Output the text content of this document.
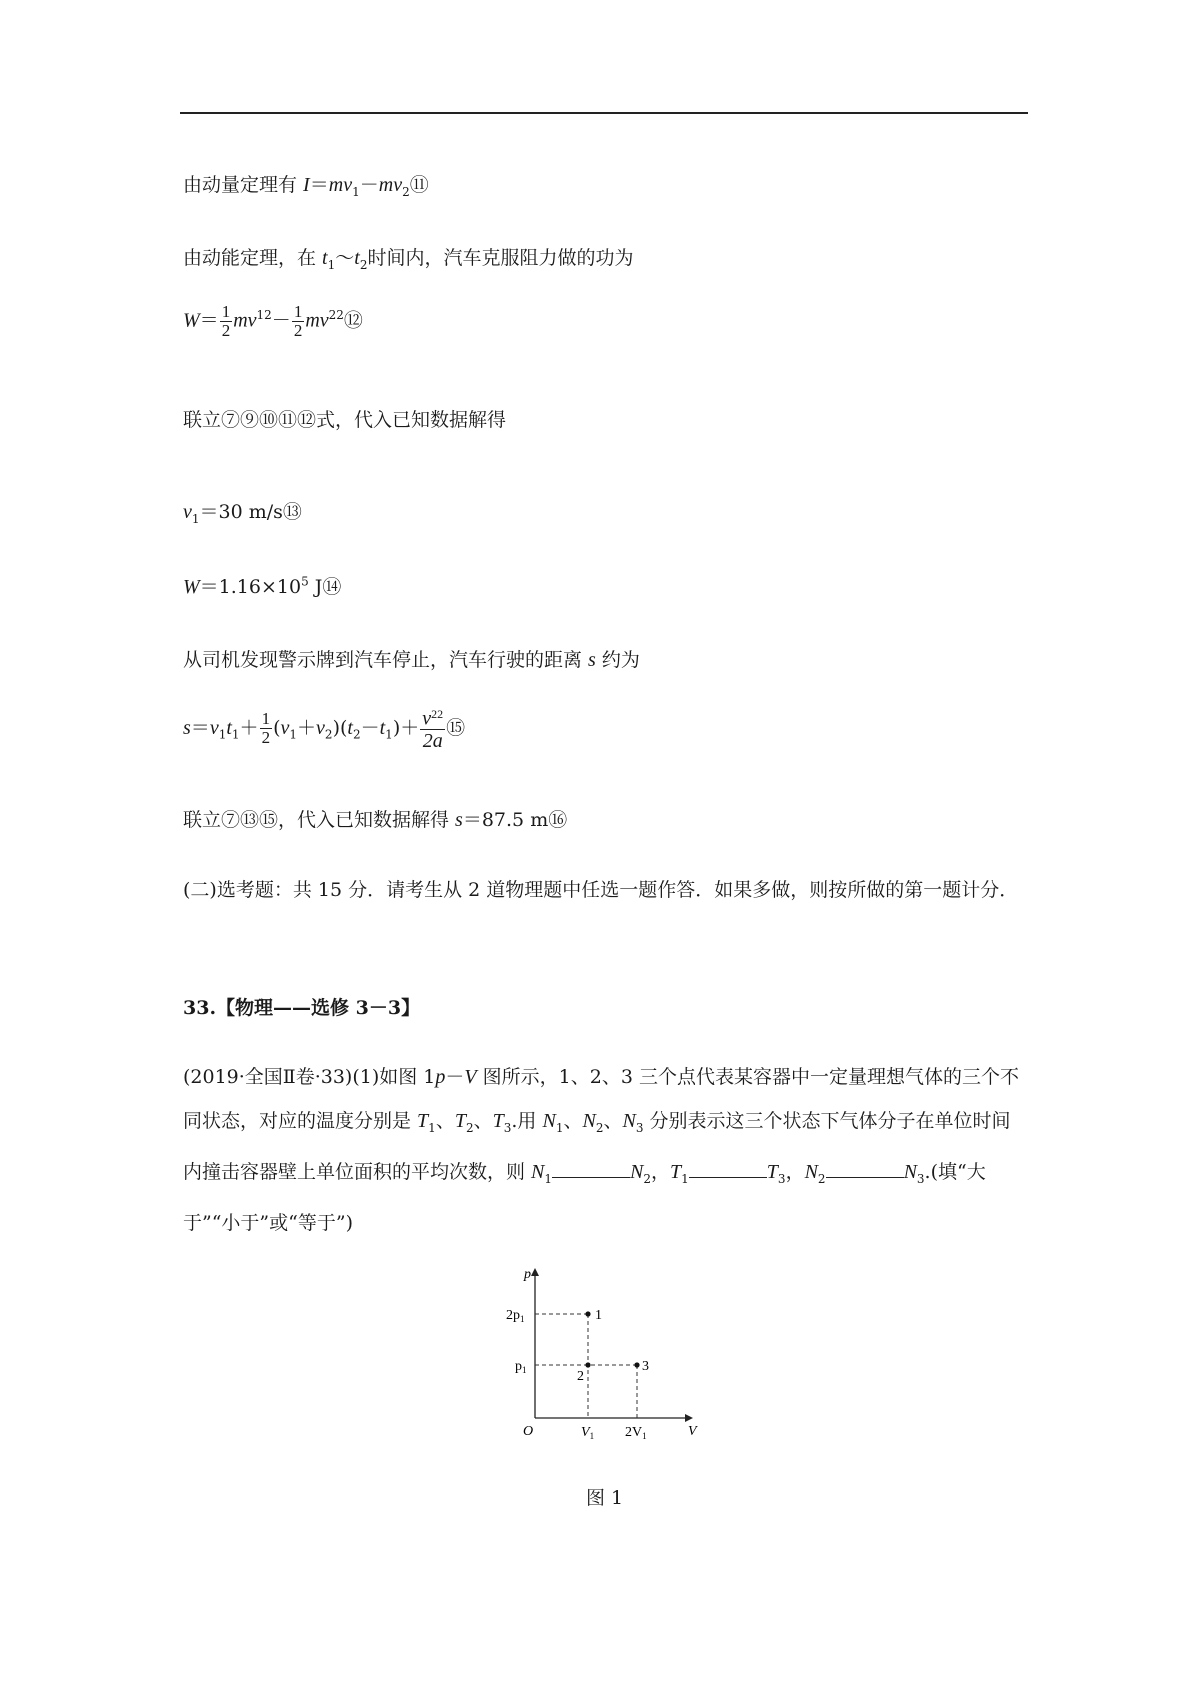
由动量定理有 $I=mv_1-mv_2⑪$
由动能定理，在 $t_1\sim t_2$时间内，汽车克服阻力做的功为
$W= \frac{1}{2} mv^{12}- \frac{1}{2}$ $mv^{22}⑫$
联立⑦⑨⑩⑪⑫式，代入已知数据解得
$v_1=30$ m/s⑬
$W=1.16\times 10^5$ J⑭
从司机发现警示牌到汽车停止，汽车行驶的距离 s 约为
$s=v_1t_1+ \frac{1}{2} (v_1+v_2)(t_2-t_1)+$ $\frac{v^{22}}{2a}⑮$
联立⑦⑬⑮，代入已知数据解得 s＝87.5 m⑯
(二)选考题：共 15 分．请考生从 2 道物理题中任选一题作答．如果多做，则按所做的第一题计分．
33.【物理——选修 3－3】
(2019·全国Ⅱ卷·33)(1)如图 1p－V 图所示，1、2、3 三个点代表某容器中一定量理想气体的三个不同状态，对应的温度分别是 $T_1$、$T_2$、$T_3$.用 $N_1$、$N_2$、$N_3$ 分别表示这三个状态下气体分子在单位时间内撞击容器壁上单位面积的平均次数，则 $N_1$	$N_2$，$T_1$	$T_3$，$N_2$	$N_3$.(填“大于”“小于”或“等于”)
p
V
O
$2p_1$
$p_1$
$V_1$ $2V_1$
1
2
3
图 1
